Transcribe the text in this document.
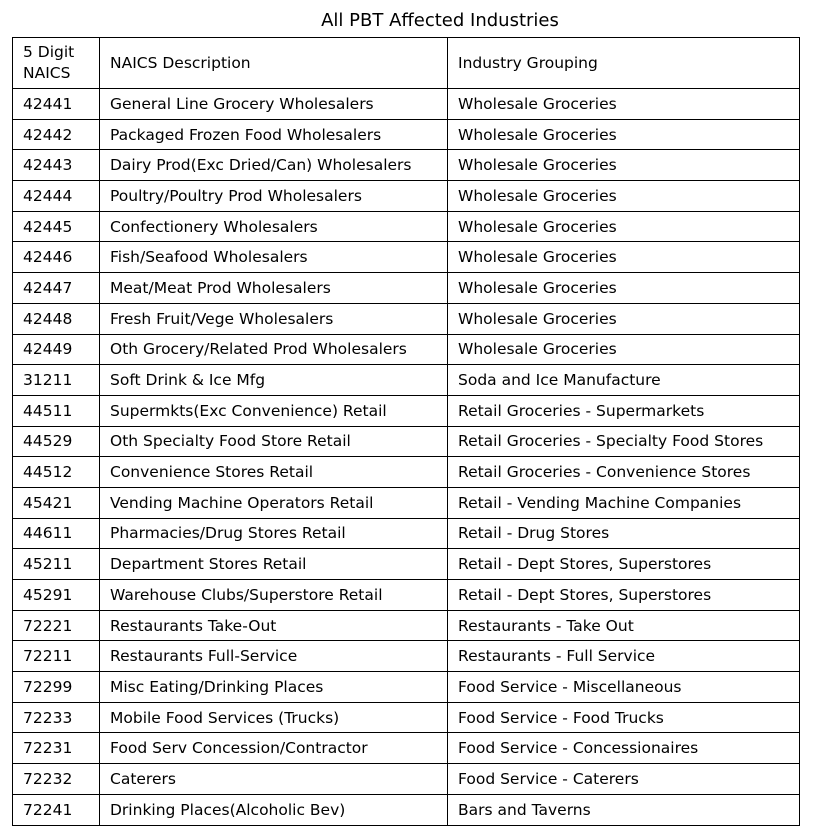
All PBT Affected Industries
5 Digit
NAICS	NAICS Description	Industry Grouping
42441	General Line Grocery Wholesalers	Wholesale Groceries
42442	Packaged Frozen Food Wholesalers	Wholesale Groceries
42443	Dairy Prod(Exc Dried/Can) Wholesalers	Wholesale Groceries
42444	Poultry/Poultry Prod Wholesalers	Wholesale Groceries
42445	Confectionery Wholesalers	Wholesale Groceries
42446	Fish/Seafood Wholesalers	Wholesale Groceries
42447	Meat/Meat Prod Wholesalers	Wholesale Groceries
42448	Fresh Fruit/Vege Wholesalers	Wholesale Groceries
42449	Oth Grocery/Related Prod Wholesalers	Wholesale Groceries
31211	Soft Drink & Ice Mfg	Soda and Ice Manufacture
44511	Supermkts(Exc Convenience) Retail	Retail Groceries - Supermarkets
44529	Oth Specialty Food Store Retail	Retail Groceries - Specialty Food Stores
44512	Convenience Stores Retail	Retail Groceries - Convenience Stores
45421	Vending Machine Operators Retail	Retail - Vending Machine Companies
44611	Pharmacies/Drug Stores Retail	Retail - Drug Stores
45211	Department Stores Retail	Retail - Dept Stores, Superstores
45291	Warehouse Clubs/Superstore Retail	Retail - Dept Stores, Superstores
72221	Restaurants Take-Out	Restaurants - Take Out
72211	Restaurants Full-Service	Restaurants - Full Service
72299	Misc Eating/Drinking Places	Food Service - Miscellaneous
72233	Mobile Food Services (Trucks)	Food Service - Food Trucks
72231	Food Serv Concession/Contractor	Food Service - Concessionaires
72232	Caterers	Food Service - Caterers
72241	Drinking Places(Alcoholic Bev)	Bars and Taverns
